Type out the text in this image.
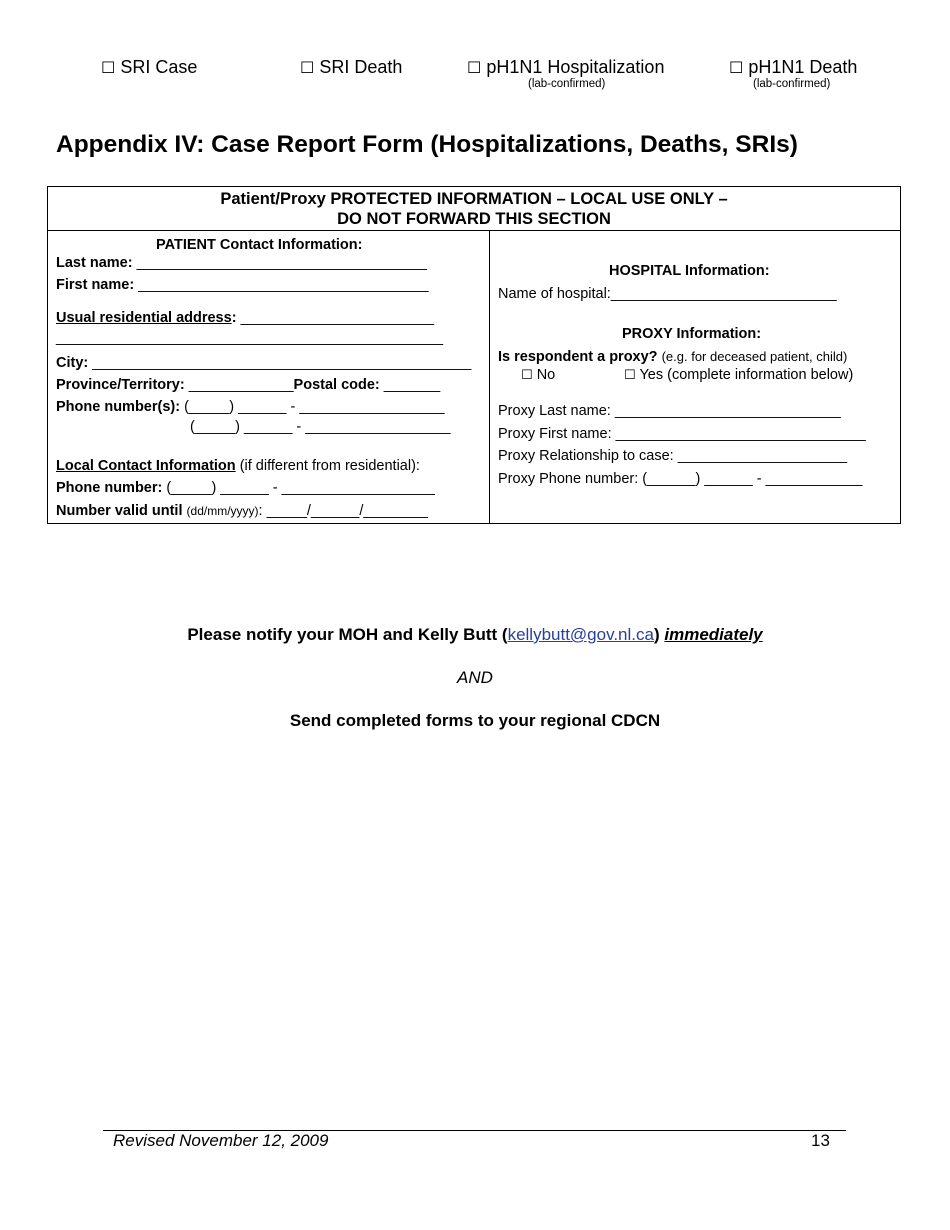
☐ SRI Case	☐ SRI Death	☐ pH1N1 Hospitalization
(lab-confirmed)
☐ pH1N1 Death
(lab-confirmed)
Appendix IV: Case Report Form (Hospitalizations, Deaths, SRIs)
Patient/Proxy PROTECTED INFORMATION – LOCAL USE ONLY –
DO NOT FORWARD THIS SECTION
PATIENT Contact Information:
Last name: ____________________________________
First name: ____________________________________
Usual residential address: ________________________
________________________________________________
City: _______________________________________________
Province/Territory: _____________Postal code: _______
Phone number(s): (_____) ______ - __________________
(_____) ______ - __________________
Local Contact Information (if different from residential):
Phone number: (_____) ______ - ___________________
Number valid until (dd/mm/yyyy): _____/______/________
HOSPITAL Information:
Name of hospital:____________________________
PROXY Information:
Is respondent a proxy? (e.g. for deceased patient, child)
☐ No	☐ Yes (complete information below)
Proxy Last name: ____________________________
Proxy First name: _______________________________
Proxy Relationship to case: _____________________
Proxy Phone number: (______) ______ - ____________
Please notify your MOH and Kelly Butt (kellybutt@gov.nl.ca) immediately
AND
Send completed forms to your regional CDCN
Revised November 12, 2009	13
